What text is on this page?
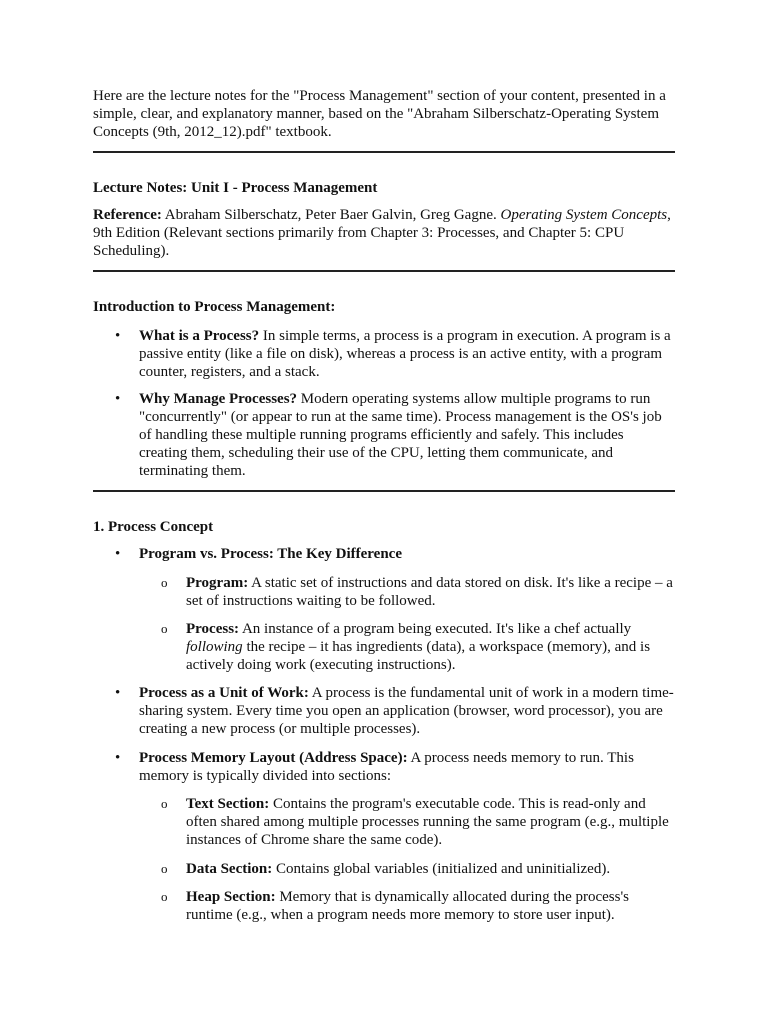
Here are the lecture notes for the "Process Management" section of your content, presented in a simple, clear, and explanatory manner, based on the "Abraham Silberschatz-Operating System Concepts (9th, 2012_12).pdf" textbook.

Lecture Notes: Unit I - Process Management

Reference: Abraham Silberschatz, Peter Baer Galvin, Greg Gagne. Operating System Concepts, 9th Edition (Relevant sections primarily from Chapter 3: Processes, and Chapter 5: CPU Scheduling).

Introduction to Process Management:

• What is a Process? In simple terms, a process is a program in execution. A program is a passive entity (like a file on disk), whereas a process is an active entity, with a program counter, registers, and a stack.

• Why Manage Processes? Modern operating systems allow multiple programs to run "concurrently" (or appear to run at the same time). Process management is the OS's job of handling these multiple running programs efficiently and safely. This includes creating them, scheduling their use of the CPU, letting them communicate, and terminating them.

1. Process Concept

• Program vs. Process: The Key Difference

o Program: A static set of instructions and data stored on disk. It's like a recipe – a set of instructions waiting to be followed.

o Process: An instance of a program being executed. It's like a chef actually following the recipe – it has ingredients (data), a workspace (memory), and is actively doing work (executing instructions).

• Process as a Unit of Work: A process is the fundamental unit of work in a modern time-sharing system. Every time you open an application (browser, word processor), you are creating a new process (or multiple processes).

• Process Memory Layout (Address Space): A process needs memory to run. This memory is typically divided into sections:

o Text Section: Contains the program's executable code. This is read-only and often shared among multiple processes running the same program (e.g., multiple instances of Chrome share the same code).

o Data Section: Contains global variables (initialized and uninitialized).

o Heap Section: Memory that is dynamically allocated during the process's runtime (e.g., when a program needs more memory to store user input).
